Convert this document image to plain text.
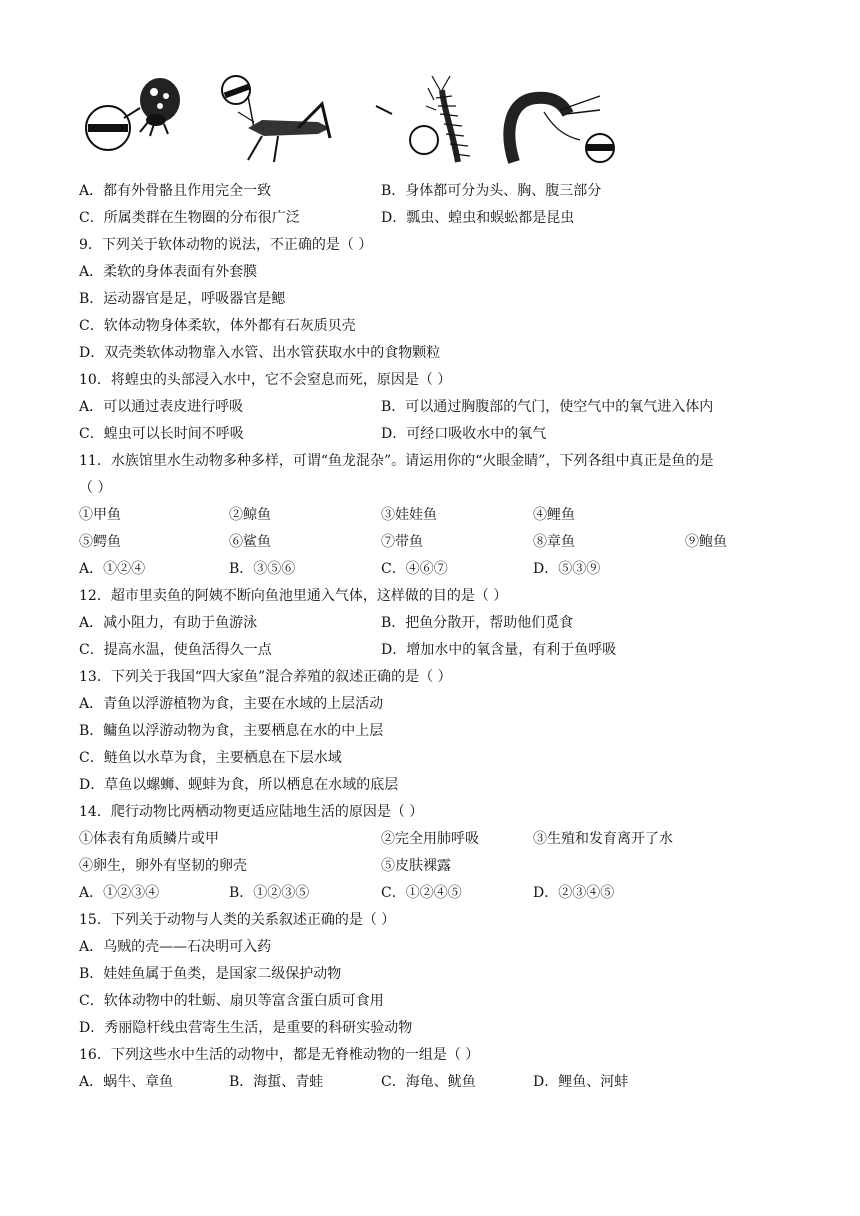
A．都有外骨骼且作用完全一致	B．身体都可分为头、胸、腹三部分
C．所属类群在生物圈的分布很广泛	D．瓢虫、蝗虫和蜈蚣都是昆虫
9．下列关于软体动物的说法，不正确的是（ ）
A．柔软的身体表面有外套膜
B．运动器官是足，呼吸器官是鳃
C．软体动物身体柔软，体外都有石灰质贝壳
D．双壳类软体动物靠入水管、出水管获取水中的食物颗粒
10．将蝗虫的头部浸入水中，它不会窒息而死，原因是（ ）
A．可以通过表皮进行呼吸	B．可以通过胸腹部的气门，使空气中的氧气进入体内
C．蝗虫可以长时间不呼吸	D．可经口吸收水中的氧气
11．水族馆里水生动物多种多样，可谓“鱼龙混杂”。请运用你的“火眼金睛”，下列各组中真正是鱼的是
（ ）
①甲鱼	②鲸鱼	③娃娃鱼	④鲤鱼
⑤鳄鱼	⑥鲨鱼	⑦带鱼	⑧章鱼	⑨鲍鱼
A．①②④	B．③⑤⑥	C．④⑥⑦	D．⑤③⑨
12．超市里卖鱼的阿姨不断向鱼池里通入气体，这样做的目的是（ ）
A．减小阻力，有助于鱼游泳	B．把鱼分散开，帮助他们觅食
C．提高水温，使鱼活得久一点	D．增加水中的氧含量，有利于鱼呼吸
13．下列关于我国“四大家鱼”混合养殖的叙述正确的是（ ）
A．青鱼以浮游植物为食，主要在水域的上层活动
B．鳙鱼以浮游动物为食，主要栖息在水的中上层
C．鲢鱼以水草为食，主要栖息在下层水域
D．草鱼以螺蛳、蚬蚌为食，所以栖息在水域的底层
14．爬行动物比两栖动物更适应陆地生活的原因是（ ）
①体表有角质鳞片或甲	②完全用肺呼吸	③生殖和发育离开了水
④卵生，卵外有坚韧的卵壳	⑤皮肤裸露
A．①②③④	B．①②③⑤	C．①②④⑤	D．②③④⑤
15．下列关于动物与人类的关系叙述正确的是（ ）
A．乌贼的壳——石决明可入药
B．娃娃鱼属于鱼类，是国家二级保护动物
C．软体动物中的牡蛎、扇贝等富含蛋白质可食用
D．秀丽隐杆线虫营寄生生活，是重要的科研实验动物
16．下列这些水中生活的动物中，都是无脊椎动物的一组是（ ）
A．蜗牛、章鱼	B．海蜇、青蛙	C．海龟、鱿鱼	D．鲤鱼、河蚌
